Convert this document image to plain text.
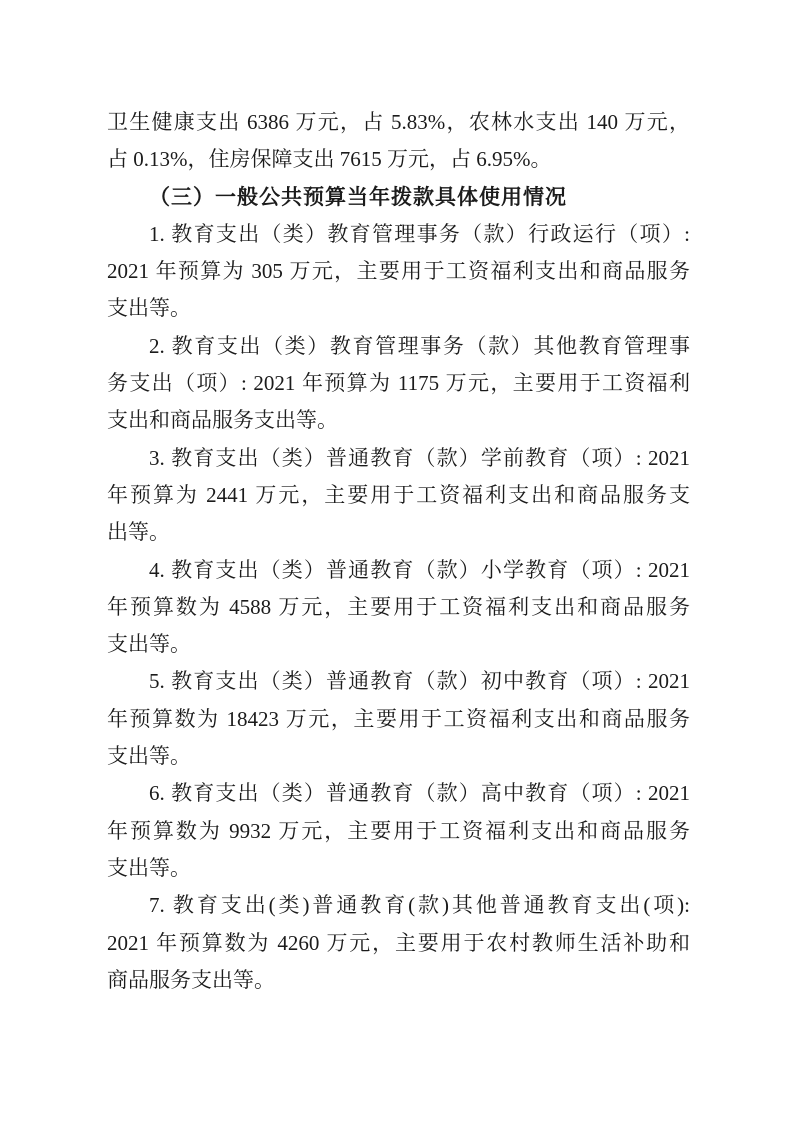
卫生健康支出 6386 万元，占 5.83%，农林水支出 140 万元，
占 0.13%，住房保障支出 7615 万元，占 6.95%。
（三）一般公共预算当年拨款具体使用情况
1. 教育支出（类）教育管理事务（款）行政运行（项）:
2021 年预算为 305 万元，主要用于工资福利支出和商品服务
支出等。
2. 教育支出（类）教育管理事务（款）其他教育管理事
务支出（项）: 2021 年预算为 1175 万元，主要用于工资福利
支出和商品服务支出等。
3. 教育支出（类）普通教育（款）学前教育（项）: 2021
年预算为 2441 万元，主要用于工资福利支出和商品服务支
出等。
4. 教育支出（类）普通教育（款）小学教育（项）: 2021
年预算数为 4588 万元，主要用于工资福利支出和商品服务
支出等。
5. 教育支出（类）普通教育（款）初中教育（项）: 2021
年预算数为 18423 万元，主要用于工资福利支出和商品服务
支出等。
6. 教育支出（类）普通教育（款）高中教育（项）: 2021
年预算数为 9932 万元，主要用于工资福利支出和商品服务
支出等。
7. 教育支出(类)普通教育(款)其他普通教育支出(项):
2021 年预算数为 4260 万元，主要用于农村教师生活补助和
商品服务支出等。
